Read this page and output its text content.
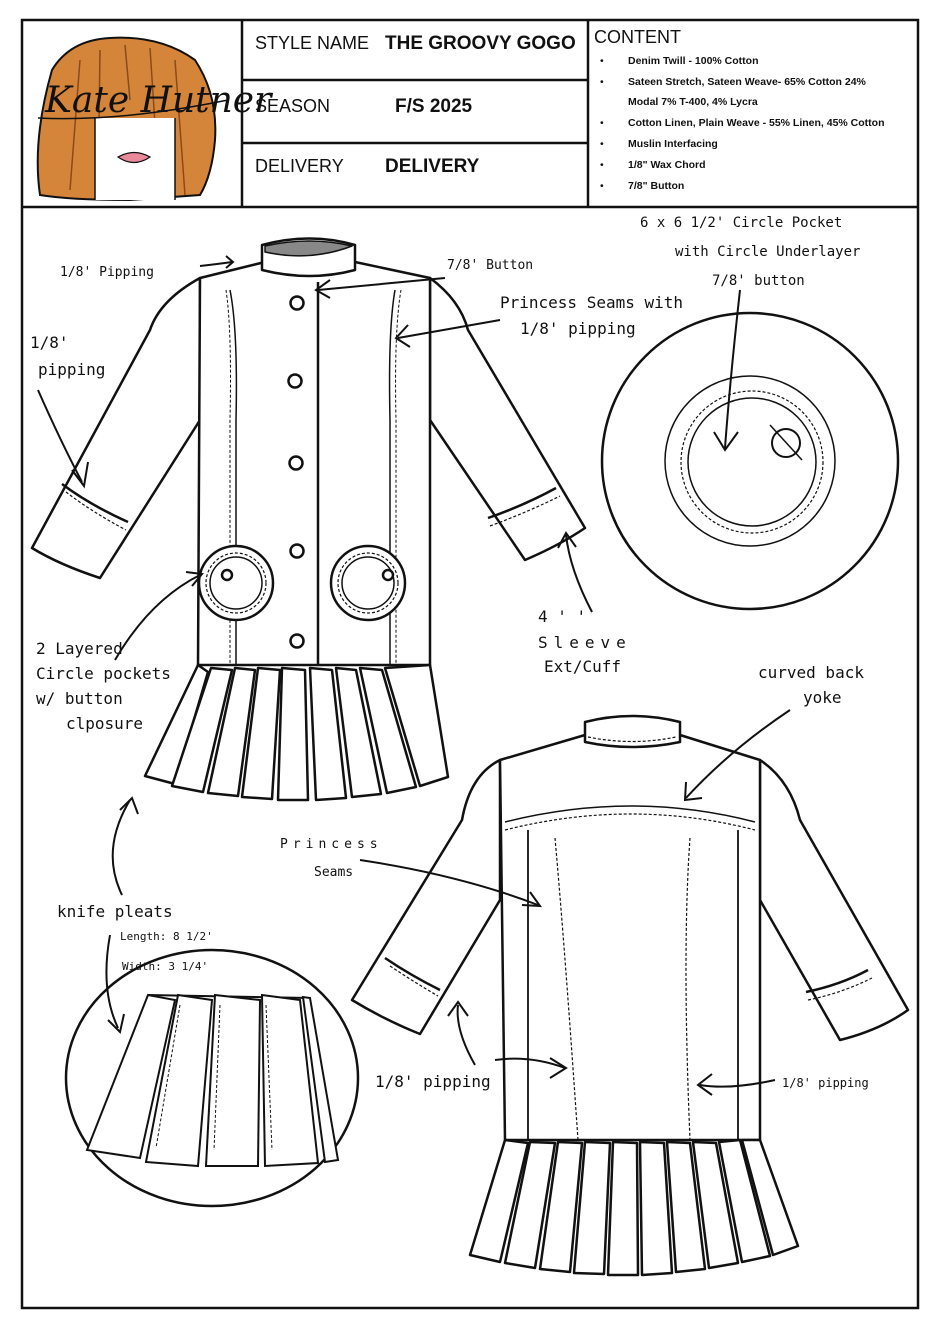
Kate Hutner
STYLE NAME THE GROOVY GOGO
SEASON	F/S 2025
DELIVERY DELIVERY
CONTENT
• Denim Twill - 100% Cotton
• Sateen Stretch, Sateen Weave- 65% Cotton 24%
Modal 7% T-400, 4% Lycra
• Cotton Linen, Plain Weave - 55% Linen, 45% Cotton
• Muslin Interfacing
• 1/8" Wax Chord
• 7/8" Button
1/8' Pipping	7/8' Button
Princess Seams with
1/8' pipping
1/8'
pipping
6 x 6 1/2' Circle Pocket
with Circle Underlayer
7/8' button
2 Layered
Circle pockets
w/ button
clposure
4 ' '
Sleeve
Ext/Cuff	curved back
yoke
Princess
Seams
knife pleats
Length: 8 1/2'
Width: 3 1/4'
1/8' pipping	1/8' pipping
